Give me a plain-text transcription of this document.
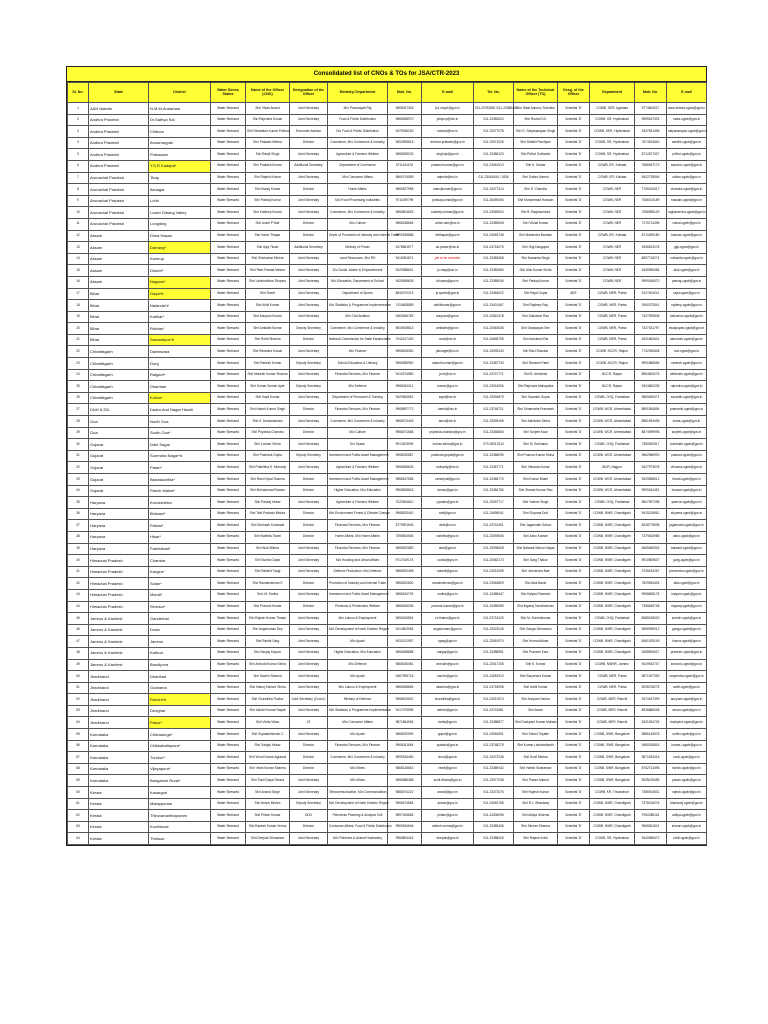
Consolidated list of CNOs & TOs for JSA/CTR-2023
Sl. No.	State	District	Water Stress Status	Name of the Officer (CNO)	Designation of the Officer	Ministry/ Department	Mob. No.	E-mail	Tel. No.	Name of the Technical Officer (TO)	Desg. of the Officer	Department	Mob. No.	E-mail
1	A&N Islands	N.M.M.Andaman	Water Stressed	Shri Vikas Anand	Joint Secretary	M/o Panchayati Raj	9868047346	js1.moprl@gov.in	011-23752840 /011-23386446	Shri Wasi Ahmed, Scientist	Scientist 'D'	CGWB, SER, Agartala	9774804027	wasi.ahmed-cgwb@gov.in
2	Andhra Pradesh	Dr.Sathya Sai	Water Stressed	Shri Rajendra Kumar	Joint Secretary	Food & Public Distribution	9868098970	jsimpxp@nic.in	011-23383524	Shri Rudra K.B.	Scientist 'D'	CGWB, SR, Hyderabad	9959447325	rudra-cgwb@gov.in
3	Andhra Pradesh	Chittoor	Water Stressed	Shri Sebastian Kumar Puthoor	Economic Advisor	D/o Food & Public Distribution	9479036150	eafood@nic.in	011-23077078	Shri G. Satyanarayan Singh	Scientist 'D'	CGWB, SER, Hyderabad	9437541496	satyanarayan-cgwb@gov.in
4	Andhra Pradesh	Annamayyah	Water Stressed	Shri Prakash Mishra	Director	Commerce, M/o Commerce & Industry	9654995815	director.prakash@gov.in	011-23071026	Shri Sahithi Pandiyan	Scientist 'D'	CGWB, SR, Hyderabad	7674914640	sahithi-cgwb@gov.in
5	Andhra Pradesh	Prakasam	Water Stressed	Shri Ranjit Singh	Joint Secretary	Agriculture & Farmers Welfare	9868295003	singhrjs@gov.in	011-23386123	Shri Prithvi Subbaiah	Scientist 'D'	CGWB, SR, Hyderabad	8712877027	prithvi-cgwb@gov.in
6	Andhra Pradesh	Y.S.R Kadapa*	Water Stressed	Shri Prakash Kumar	Additional Secretary	Department of Commerce	9711441102	prakash.kumar@gov.in	011-23061513	Shri K. Sarkar	Scientist 'D'	CGWB, ER, Kolkata	7586947179	sarkar.k-cgwb@gov.in
7	Arunachal Pradesh	Tirap	Water Stressed	Shri Rajesh Kumar	Joint Secretary	M/o Consumer Affairs	9869714555	rajeshk@nic.in	011-23061844 / 1836	Shri Sultan Ahmed	Scientist 'D'	CGWB, ER, Kolkata	8402735546	sultan-cgwb@gov.in
8	Arunachal Pradesh	Itanagar	Water Stressed	Shri Manoj Kumar	Director	Home Affairs	9869527955	manojkumar@gov.in	011-23077414	Shri S. Chandra	Scientist 'D'	CGWB, NER	7765010617	chandra-cgwb@gov.in
9	Arunachal Pradesh	Lohit	Water Stressed	Shri Pankaj Kumar	Joint Secretary	M/o Food Processing Industries	9711009799	pankaj.kumar@gov.in	011-26490406	Shri Mohammad Hussain	Scientist 'D'	CGWB, NER	7086104189	hussain-cgwb@gov.in
10	Arunachal Pradesh	Lower Dibang Valley	Water Stressed	Shri Kuldeep Kumar	Joint Secretary	Commerce, M/o Commerce & Industry	9868504645	kuldeep.kumar@gov.in	011-23069524	Shri B. Raghavendra	Scientist 'D'	CGWB, NER	7086996129	raghavendra-cgwb@gov.in
11	Arunachal Pradesh	Longding	Water Stressed	Shri Anish P Nair	Director	M/o Culture	9868248666	anish.nair@nic.in	011-23389608	Shri Vishal Kumar	Scientist 'D'	CGWB, NER	7176714496	vishal-cgwb@gov.in
12	Assam	Dima Hasao	Water Stressed	Shri Varun Thapar	Director	Deptt. of Promotion of Industry and Internal Trade	9999188888	dirthapar@gov.in	011-23063748	Shri Mahendra Barman	Scientist 'D'	CGWB, ER, Kolkata	8710499180	barman-cgwb@gov.in
13	Assam	Darrang*	Water Stressed	Shri Ajay Tiwari	Additional Secretary	Ministry of Power	9478561677	as.power@nic.in	011-23718276	Shri Gigi Dasgupta	Scientist 'D'	CGWB, NER	9436523276	gigi-cgwb@gov.in
14	Assam	Kamrup	Water Stressed	Shri Shivkumar Mishra	Joint Secretary	Land Resources, M/o RD	9419061671	yet to be received	011-23384068	Shri Nabanita Singh	Scientist 'D'	CGWB, NER	8697718274	nabanita-cgwb@gov.in
15	Assam	Dhubri*	Water Stressed	Shri Ram Prasad Meena	Joint Secretary	D/o Social Justice & Empowerment	9429388601	js.rasp@nic.in	011-23382684	Shri Alok Kumar Sinha	Scientist 'D'	CGWB, NER	9436996384	alok-cgwb@gov.in
16	Assam	Nagaon*	Water Stressed	Shri Lakshmidhar Dhopea	Joint Secretary	M/o Education, Department of School	9428488605	dhopea@gov.in	011-23385046	Shri Pankaj Kumar	Scientist 'D'	CGWB, NER	9999186472	pankaj-cgwb@gov.in
17	Bihar	Gaya*#	Water Stressed	Shri Rumit	Joint Secretary	Department of Sports	8840070219	js.sports@gov.in	011-23384022	Shri Rajat Gupta	AEE	CGWB, MER, Patna	9127404241	rajat-cgwb@gov.in
18	Bihar	Nalanda*#	Water Stressed	Shri Akhil Kumar	Joint Secretary	M/o Statistics & Programme Implementation	7416808889	akhilkumar@gov.in	011-23401467	Shri Rajdeep Ray	Scientist 'D'	CGWB, MER, Patna	9360373541	rajdeep-cgwb@gov.in
19	Bihar	Katihar*	Water Stressed	Shri Anupam Kumar	Joint Secretary	M/o Civil Aviation	9463456789	anupam@gov.in	011-24810478	Shri Saikumar Rao	Scientist 'D'	CGWB, MER, Patna	7427939608	saikumar-cgwb@gov.in
20	Bihar	Rohtas*	Water Stressed	Shri Amitabh Kumar	Deputy Secretary	Commerce, M/o Commerce & Industry	9819405813	amitabh@gov.in	011-23062636	Shri Dwaipayan Sen	Scientist 'D'	CGWB, MER, Patna	7427341797	dwaipayan-cgwb@gov.in
21	Bihar	Samastipur*#	Water Stressed	Shri Rohit Sharma	Director	National Commission for Safai Karamcharis	7042417430	ncsk@nic.in	011-24648795	Shri Ashutosh Rai	Scientist 'D'	CGWB, MER, Patna	9431662631	ashutosh-cgwb@gov.in
22	Chhattisgarh	Dantewara	Water Stressed	Shri Ravindra Kumar	Joint Secretary	M/o Finance	9968405060	jsbudget@nic.in	011-23093143	Shri Ravi Shankar	Scientist 'D'	CGWB, NCCR, Raipur	7742945848	ravi-cgwb@gov.in
23	Chhattisgarh	Durg	Water Stressed	Shri Rakesh Kumar	Deputy Secretary	School Education & Literacy	9968385960	rakesh.kumar@gov.in	011-23387733	Shri Ramesh Patel	Scientist 'D'	CGWB, NCCR, Raipur	9991685656	ramesh-cgwb@gov.in
24	Chhattisgarh	Raigarh*	Water Stressed	Shri Mukesh Kumar Sharma	Joint Secretary	Financial Services, M/o Finance	9415274580	js.fs@nic.in	011-23747771	Shri B. Abhishek	Scientist 'D'	NCCR, Raipur	8964605276	abhishek-cgwb@gov.in
25	Chhattisgarh	Dhamtari	Water Stressed	Shri Kumar Suman Apte	Deputy Secretary	M/o Defence	9968461011	kumar@gov.in	011-23016926	Shri Rajendra Mahapatra	Scientist 'D'	NCCR, Raipur	9424662235	rajendra-cgwb@gov.in
26	Chhattisgarh	Korba*	Water Stressed	Shri Kapil Kumar	Joint Secretary	Department of Personnel & Training	9429563852	kapil@nic.in	011-23094879	Shri Saurabh Gupta	Scientist 'D'	CGWB, CHQ, Faridabad	9860460071	saurabh-cgwb@gov.in
27	DNH & DD	Dadra And Nagar Haveli	Water Stressed	Shri Harish Kumar Singh	Director	Financial Services, M/o Finance	9968897772	harish@nic.in	011-23748721	Shri Sriramatha Pramanik	Scientist 'D'	CGWB, WCR, Ahmedabad	8891084894	pramanik-cgwb@gov.in
28	Goa	North Goa	Water Stressed	Shri K. Amolanandan	Joint Secretary	Commerce, M/o Commerce & Industry	9868074449	amol@nic.in	011-23099196	Shri Abhishek Sinha	Scientist 'D'	CGWB, WCR, Ahmedabad	8981994496	sinha-cgwb@gov.in
29	Goa	South Goa*	Water Stressed	Shri Priyanka Chandra	Director	M/o Culture	9968071668	priyanka.chandra@gov.in	011-23346806	Shri Surjeet Kaur	Scientist 'D'	CGWB, WCR, Ahmedabad	8874999996	surjeet-cgwb@gov.in
30	Gujarat	Dahi Sagar	Water Stressed	Shri Lochan Sehra	Joint Secretary	D/o Space	9913403995	lochan.sehra@gov.in	079-26913210	Shri M. Subhaiah	Scientist 'D'	CGWB, CHQ, Faridabad	7380942517	subhaiah-cgwb@gov.in
31	Gujarat	Surendra Nagar*#	Water Stressed	Shri Prashant Gupta	Deputy Secretary	Investment and Public Asset Management	9968430887	prashant.gupta@gov.in	011-24368095	Shri Pramod Kumar Sinha	Scientist 'D'	CGWB, WCR, Ahmedabad	9662986993	pramod-cgwb@gov.in
32	Gujarat	Patan*	Water Stressed	Shri Prathibha S. Mohanty	Joint Secretary	Agriculture & Farmers Welfare	9968486605	mohanty@nic.in	011-23387771	Shri Vikrama Kumar	Scientist 'D'	WCR, Nagpur	9427973978	vikrama-cgwb@gov.in
33	Gujarat	Banaskantha*	Water Stressed	Shri Ram Kripal Sharma	Director	Investment and Public Asset Management	9868447588	ramkripal@gov.in	011-24368770	Shri Kumar Bharti	Scientist 'D'	CGWB, WCR, Ahmedabad	9429558512	bharti-cgwb@gov.in
34	Gujarat	Panch Mahal*	Water Stressed	Shri Mohammad Rizwan	Director	Higher Education, M/o Education	9968508543	rizwan@gov.in	011-23384780	Shri Sharad Kumar Rao	Scientist 'D'	CGWB, WCR, Ahmedabad	9990461451	sharad-cgwb@gov.in
35	Haryana	Kurukshetra	Water Stressed	Shri Pankaj Yadav	Joint Secretary	Agriculture & Farmers Welfare	7020904810	pyadav@gov.in	011-23097717	Shri Yashve Singh	Scientist 'D'	CGWB, CHQ, Faridabad	9847997298	yashve-cgwb@gov.in
36	Haryana	Bhiwani*	Water Stressed	Shri Tarit Prakash Mishra	Director	M/o Environment Forest & Climate Change	9968533440	tarit@gov.in	011-24695041	Shri Shyama Dutt	Scientist 'D'	CGWB, NWR, Chandigarh	9415218961	shyama-cgwb@gov.in
37	Haryana	Palwal*	Water Stressed	Shri Subhash Kumawat	Director	Financial Services, M/o Finance	8779901606	dirfs@nic.in	011-23742491	Shri Jagannath Sahoo	Scientist 'D'	CGWB, NWR, Chandigarh	8208779638	jagannath-cgwb@gov.in
38	Haryana	Hisar*	Water Stressed	Shri Nabhita Tiwari	Director	Home Affairs, M/o Home Affairs	7398604546	nabhita@gov.in	011-23093946	Shri Ashu Kumari	Scientist 'D'	CGWB, NWR, Chandigarh	7379452985	ashu-cgwb@gov.in
39	Haryana	Fatehabad*	Water Stressed	Shri Alok Mishra	Joint Secretary	Financial Services, M/o Finance	9868302680	alok@gov.in	011-23095628	Shri Balwant Sahoo Nayak	Scientist 'D'	CGWB, NWR, Chandigarh	9665480926	balwant-cgwb@gov.in
40	Himachal Pradesh	Chamba	Water Stressed	Shri Sunita Gupta	Joint Secretary	M/o Housing and Urban Affairs	9717419174	sunita@gov.in	011-23062173	Shri Garg Thakur	Scientist 'D'	CGWB, NWR, Chandigarh	9910809637	garg-cgwb@gov.in
41	Himachal Pradesh	Kangra*	Water Stressed	Shri Rakshit Tyagi	Joint Secretary	Defence Production, M/o Defence	9868302498	rakshit@gov.in	011-23014059	Shri Jeevendra Nair	Scientist 'D'	CGWB, NWR, Chandigarh	9745434267	jeevendra-cgwb@gov.in
42	Himachal Pradesh	Solan*	Water Stressed	Shri Ramakrishnan S	Director	Promotion of Industry and Internal Trade	9868332800	ramakrishnan@gov.in	011-23063809	Shri Alka Bansi	Scientist 'D'	CGWB, NWR, Chandigarh	7829054426	alka-cgwb@gov.in
43	Himachal Pradesh	Mandi*	Water Stressed	Smt. M. Sudha	Joint Secretary	Investment and Public Asset Management	9868434792	sudha@gov.in	011-24368447	Shri Kalyani Ramesh	Scientist 'D'	CGWB, NWR, Chandigarh	9958696175	kalyani-cgwb@gov.in
44	Himachal Pradesh	Sirmaur*	Water Stressed	Shri Pramod Kumar	Director	Pensions & Pensioners Welfare	9868445035	pramod.kumar@gov.in	011-24356089	Shri Ilayaraj Tamizhselvan	Scientist 'D'	CGWB, NWR, Chandigarh	7358645748	ilayaraj-cgwb@gov.in
45	Jammu & Kashmir	Ganderbal	Water Stressed	Shri Rajesh Kumar Thakur	Joint Secretary	M/o Labour & Employment	9650034804	rk.thakur@gov.in	011-23718129	Shri M. Sureshkumar	Scientist 'D'	CGWB, CHQ, Faridabad	8085198020	suresh-cgwb@gov.in
46	Jammu & Kashmir	Doda	Water Stressed	Shri Angshuman Dey	Joint Secretary	M/o Development of North Eastern Region	9414502054	angshuman@gov.in	011-23022016	Shri Ganga Vibhanshu	Scientist 'D'	CGWB, NWR, Chandigarh	9656996912	ganga-cgwb@gov.in
47	Jammu & Kashmir	Jammu	Water Stressed	Shri Rachit Garg	Joint Secretary	M/o Ayush	9415212997	rgarg@gov.in	011-23061970	Shri Humra Akhtar	Scientist 'D'	CGWB, NWR, Chandigarh	8461029145	humra-cgwb@gov.in
48	Jammu & Kashmir	Kathua	Water Stressed	Shri Sanjay Kapoor	Joint Secretary	Higher Education, M/o Education	9868498888	sanjay@gov.in	011-23388951	Shri Praveen Kaur	Scientist 'D'	CGWB, NWR, Chandigarh	9458994627	praveen-cgwb@gov.in
49	Jammu & Kashmir	Bandipora	Water Stressed	Shri Anirudh Kumar Sinha	Joint Secretary	M/o Defence	9868030081	anirudh@gov.in	011-23017208	Shri K. Kumar	Scientist 'D'	CGWB, NWHR, Jammu	9419942747	kumar.k-cgwb@gov.in
50	Jharkhand	Dhanbad	Water Stressed	Shri Sachin Sharma	Joint Secretary	M/o Ayush	9467996716	sachin@gov.in	011-24651910	Shri Saryendra Kumar	Scientist 'D'	CGWB, MER, Patna	9871007353	saryendra-cgwb@gov.in
51	Jharkhand	Godrama	Water Stressed	Shri Manoj Kishore Sinha	Joint Secretary	M/o Labour & Employment	9868098865	mksinha@gov.in	011-23718098	Shri Adriti Kumar	Scientist 'D'	CGWB, MER, Patna	8298708275	adriti-cgwb@gov.in
52	Jharkhand	Ranchi*#	Water Stressed	Shri Chandrika Thakur	Joint Secretary (Coord.)	Ministry of Defence	9968403542	chandrika@gov.in	011-23012574	Shri Anupam Sarkar	Scientist 'D'	CGWB, MER, Ranchi	9470447399	anupam-cgwb@gov.in
53	Jharkhand	Deoghar	Water Stressed	Shri Ashish Kumar Nayak	Joint Secretary	M/o Statistics & Programme Implementation	9417079998	ashish@gov.in	011-23742681	Shri Aman	Scientist 'D'	CGWB, MER, Ranchi	8936886048	aman-cgwb@gov.in
54	Jharkhand	Pakur*	Water Stressed	Shri Vinita Vikas	JS	M/o Consumer Affairs	9871864066	vinita@gov.in	011-23388877	Shri Dushyant Kumar Mahato	Scientist 'D'	CGWB, MER, Ranchi	9431094726	dushyant-cgwb@gov.in
55	Karnataka	Chitradurga*	Water Stressed	Shri Gopalakrishnan C	Joint Secretary	M/o Ayush	9868032999	gopal@gov.in	011-23062651	Shri Sohini Tripathi	Scientist 'D'	CGWB, SWR, Bangalore	9886145978	sohini-cgwb@gov.in
56	Karnataka	Chikkaballapura*	Water Stressed	Shri Sanjay Yadav	Director	Financial Services, M/o Finance	9968041664	syadav@gov.in	011-23748275	Shri Kumar Lakshmikanth	Scientist 'D'	CGWB, SWR, Bangalore	9480028816	kumar.l-cgwb@gov.in
57	Karnataka	Tumkur*	Water Stressed	Shri Vinod Kumar Agrawal	Director	Commerce, M/o Commerce & Industry	9899516460	vinod@gov.in	011-23072236	Shri Sunil Mishra	Scientist 'D'	CGWB, SWR, Bangalore	9871053416	sunil-cgwb@gov.in
58	Karnataka	Vijayapura*	Water Stressed	Shri Vivek Kumar Sharma	Director	M/o Mines	9868126843	vivek@gov.in	011-23389442	Shri Harish Sivaraman	Scientist 'D'	CGWB, SWR, Bangalore	8762713496	harish-cgwb@gov.in
59	Karnataka	Bangalore Rural*	Water Stressed	Shri Sunil Dayal Dhuna	Joint Secretary	M/o Mines	9868086488	sunil.dhuna@gov.in	011-23077038	Shri Pavan Ahmed	Scientist 'D'	CGWB, SWR, Bangalore	9035476485	pavan-cgwb@gov.in
60	Kerala	Kasargod	Water Stressed	Shri Anand Singh	Joint Secretary	Telecommunication, M/o Communication	9868374222	anand@gov.in	011-23372076	Shri Rajesh Kumar	Scientist 'D'	CGWB, KR, Trivandrum	7356914631	rajesh-cgwb@gov.in
61	Kerala	Malappuram	Water Stressed	Shri Ashok Mishra	Deputy Secretary	M/o Development of North Eastern Region	9968474684	ashok@gov.in	011-23062768	Shri R.L. Bhardwaj	Scientist 'D'	CGWB, NWR, Chandigarh	7376418276	bhardwaj-cgwb@gov.in
62	Kerala	Thiruvananthapuram	Water Stressed	Shri Pritam Kumar	DDG	Petroleum Planning & Analysis Cell	9897406666	pritam@gov.in	011-24306096	Shri Aditya Sharma	Scientist 'D'	CGWB, NWR, Chandigarh	9760286116	aditya-cgwb@gov.in
63	Kerala	Kozhikode	Water Stressed	Shri Rakesh Kumar Verma	Director	Consumer Affairs, Food & Public Distribution	9969944646	rakesh.verma@gov.in	011-23389436	Shri Simran Sharma	Scientist 'D'	CGWB, NWR, Chandigarh	9968261541	simran-cgwb@gov.in
64	Kerala	Thrissur	Water Stressed	Shri Deepak Srivastava	Joint Secretary	M/o Fisheries & Animal Husbandry	9968804416	deepak@gov.in	011-23388426	Shri Rajesh Kohli	Scientist 'D'	CGWB, SR, Hyderabad	9440968472	kohli-cgwb@gov.in
